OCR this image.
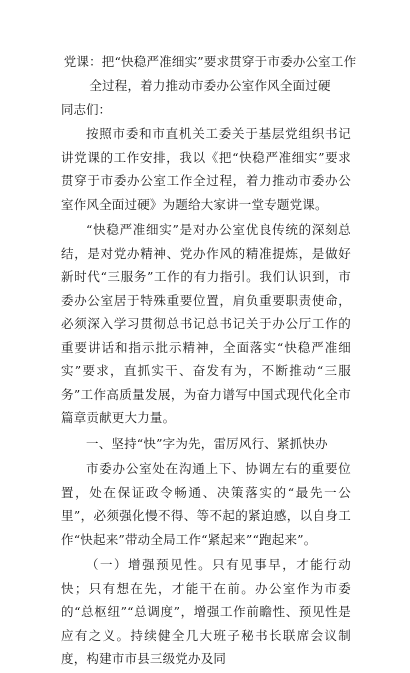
党课：把“快稳严准细实”要求贯穿于市委办公室工作全过程，着力推动市委办公室作风全面过硬
同志们：

按照市委和市直机关工委关于基层党组织书记讲党课的工作安排，我以《把“快稳严准细实”要求贯穿于市委办公室工作全过程，着力推动市委办公室作风全面过硬》为题给大家讲一堂专题党课。

“快稳严准细实”是对办公室优良传统的深刻总结，是对党办精神、党办作风的精准提炼，是做好新时代“三服务”工作的有力指引。我们认识到，市委办公室居于特殊重要位置，肩负重要职责使命，必须深入学习贯彻总书记总书记关于办公厅工作的重要讲话和指示批示精神，全面落实“快稳严准细实”要求，直抓实干、奋发有为，不断推动“三服务”工作高质量发展，为奋力谱写中国式现代化全市篇章贡献更大力量。

一、坚持“快”字为先，雷厉风行、紧抓快办

市委办公室处在沟通上下、协调左右的重要位置，处在保证政令畅通、决策落实的“最先一公里”，必须强化慢不得、等不起的紧迫感，以自身工作“快起来”带动全局工作“紧起来”“跑起来”。

（一）增强预见性。只有见事早，才能行动快；只有想在先，才能干在前。办公室作为市委的“总枢纽”“总调度”，增强工作前瞻性、预见性是应有之义。持续健全几大班子秘书长联席会议制度，构建市市县三级党办及同
